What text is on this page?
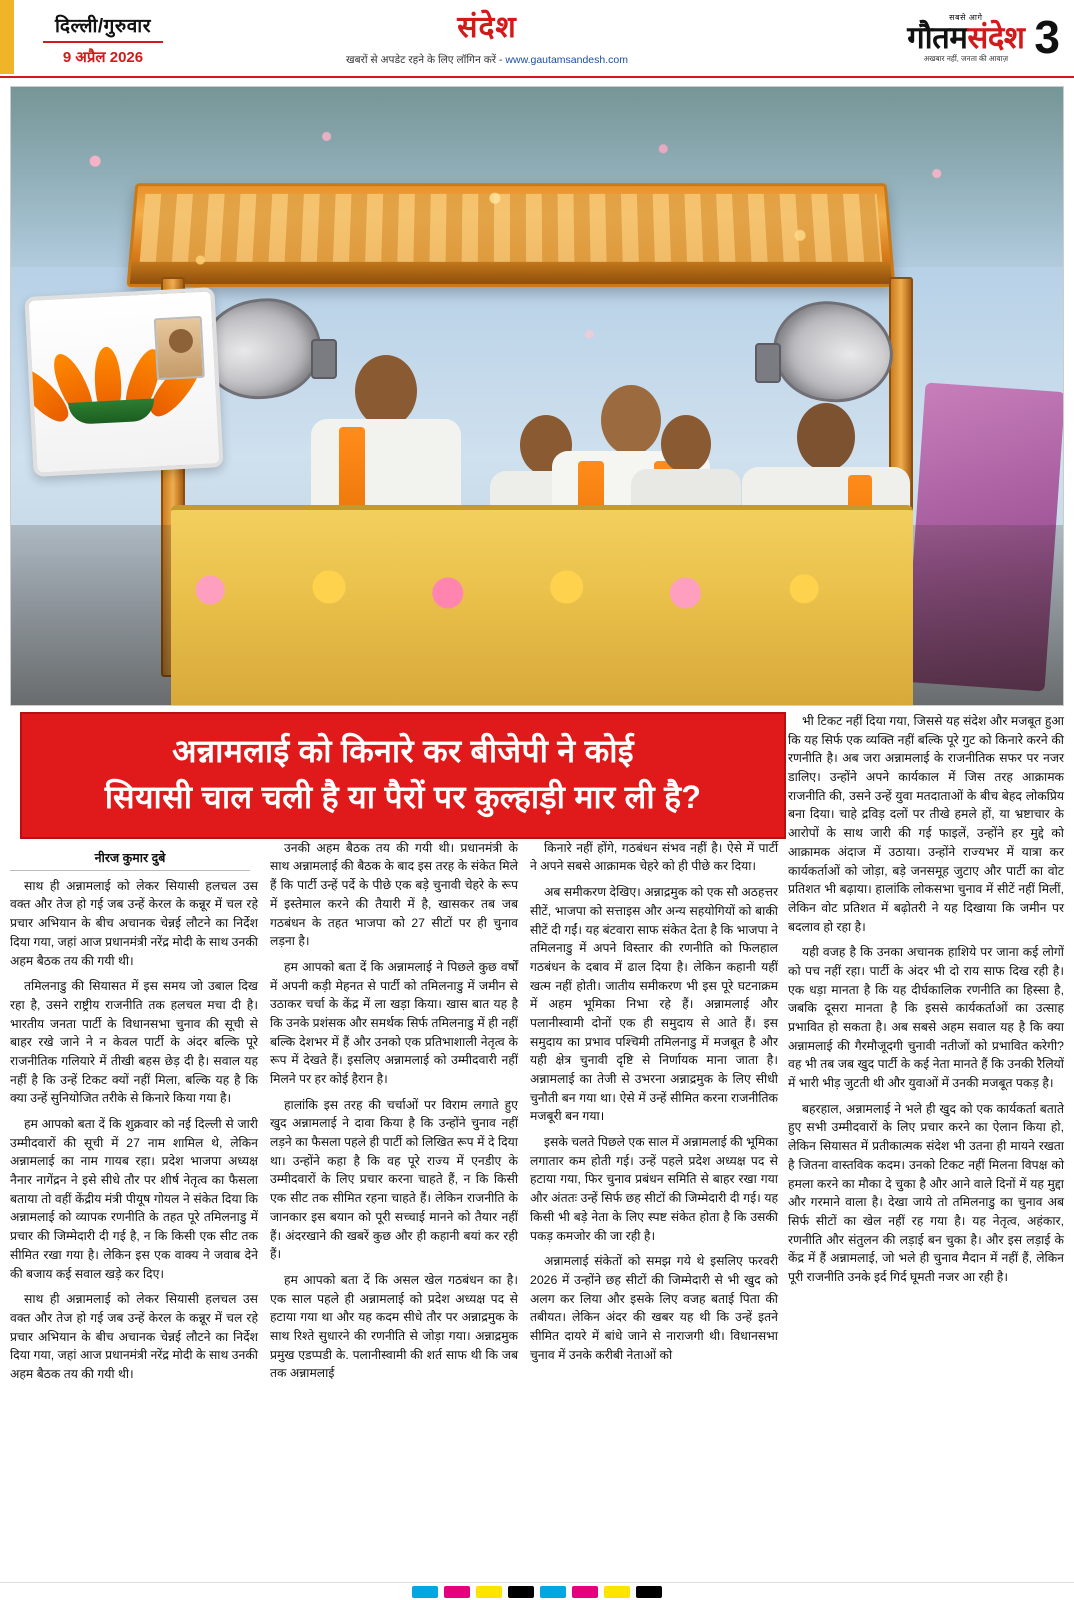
दिल्ली/गुरुवार
9 अप्रैल 2026
संदेश
खबरों से अपडेट रहने के लिए लॉगिन करें - www.gautamsandesh.com
सबसे आगे
गौतमसंदेश
अखबार नहीं, जनता की आवाज़ 3
अन्नामलाई को किनारे कर बीजेपी ने कोई
सियासी चाल चली है या पैरों पर कुल्हाड़ी मार ली है?
नीरज कुमार दुबे

साथ ही अन्नामलाई को लेकर सियासी हलचल उस वक्त और तेज हो गई जब उन्हें केरल के कन्नूर में चल रहे प्रचार अभियान के बीच अचानक चेन्नई लौटने का निर्देश दिया गया, जहां आज प्रधानमंत्री नरेंद्र मोदी के साथ उनकी अहम बैठक तय की गयी थी।

तमिलनाडु की सियासत में इस समय जो उबाल दिख रहा है, उसने राष्ट्रीय राजनीति तक हलचल मचा दी है। भारतीय जनता पार्टी के विधानसभा चुनाव की सूची से बाहर रखे जाने ने न केवल पार्टी के अंदर बल्कि पूरे राजनीतिक गलियारे में तीखी बहस छेड़ दी है। सवाल यह नहीं है कि उन्हें टिकट क्यों नहीं मिला, बल्कि यह है कि क्या उन्हें सुनियोजित तरीके से किनारे किया गया है।

हम आपको बता दें कि शुक्रवार को नई दिल्ली से जारी उम्मीदवारों की सूची में 27 नाम शामिल थे, लेकिन अन्नामलाई का नाम गायब रहा। प्रदेश भाजपा अध्यक्ष नैनार नागेंद्रन ने इसे सीधे तौर पर शीर्ष नेतृत्व का फैसला बताया तो वहीं केंद्रीय मंत्री पीयूष गोयल ने संकेत दिया कि अन्नामलाई को व्यापक रणनीति के तहत पूरे तमिलनाडु में प्रचार की जिम्मेदारी दी गई है, न कि किसी एक सीट तक सीमित रखा गया है। लेकिन इस एक वाक्य ने जवाब देने की बजाय कई सवाल खड़े कर दिए।

साथ ही अन्नामलाई को लेकर सियासी हलचल उस वक्त और तेज हो गई जब उन्हें केरल के कन्नूर में चल रहे प्रचार अभियान के बीच अचानक चेन्नई लौटने का निर्देश दिया गया, जहां आज प्रधानमंत्री नरेंद्र मोदी के साथ उनकी अहम बैठक तय की गयी थी।

उनकी अहम बैठक तय की गयी थी। प्रधानमंत्री के साथ अन्नामलाई की बैठक के बाद इस तरह के संकेत मिले हैं कि पार्टी उन्हें पर्दे के पीछे एक बड़े चुनावी चेहरे के रूप में इस्तेमाल करने की तैयारी में है, खासकर तब जब गठबंधन के तहत भाजपा को 27 सीटों पर ही चुनाव लड़ना है।

हम आपको बता दें कि अन्नामलाई ने पिछले कुछ वर्षों में अपनी कड़ी मेहनत से पार्टी को तमिलनाडु में जमीन से उठाकर चर्चा के केंद्र में ला खड़ा किया। खास बात यह है कि उनके प्रशंसक और समर्थक सिर्फ तमिलनाडु में ही नहीं बल्कि देशभर में हैं और उनको एक प्रतिभाशाली नेतृत्व के रूप में देखते हैं। इसलिए अन्नामलाई को उम्मीदवारी नहीं मिलने पर हर कोई हैरान है।

हालांकि इस तरह की चर्चाओं पर विराम लगाते हुए खुद अन्नामलाई ने दावा किया है कि उन्होंने चुनाव नहीं लड़ने का फैसला पहले ही पार्टी को लिखित रूप में दे दिया था। उन्होंने कहा है कि वह पूरे राज्य में एनडीए के उम्मीदवारों के लिए प्रचार करना चाहते हैं, न कि किसी एक सीट तक सीमित रहना चाहते हैं। लेकिन राजनीति के जानकार इस बयान को पूरी सच्चाई मानने को तैयार नहीं हैं। अंदरखाने की खबरें कुछ और ही कहानी बयां कर रही हैं।

हम आपको बता दें कि असल खेल गठबंधन का है। एक साल पहले ही अन्नामलाई को प्रदेश अध्यक्ष पद से हटाया गया था और यह कदम सीधे तौर पर अन्नाद्रमुक के साथ रिश्ते सुधारने की रणनीति से जोड़ा गया। अन्नाद्रमुक प्रमुख एडप्पडी के. पलानीस्वामी की शर्त साफ थी कि जब तक अन्नामलाई

किनारे नहीं होंगे, गठबंधन संभव नहीं है। ऐसे में पार्टी ने अपने सबसे आक्रामक चेहरे को ही पीछे कर दिया।

अब समीकरण देखिए। अन्नाद्रमुक को एक सौ अठहत्तर सीटें, भाजपा को सत्ताइस और अन्य सहयोगियों को बाकी सीटें दी गईं। यह बंटवारा साफ संकेत देता है कि भाजपा ने तमिलनाडु में अपने विस्तार की रणनीति को फिलहाल गठबंधन के दबाव में ढाल दिया है। लेकिन कहानी यहीं खत्म नहीं होती। जातीय समीकरण भी इस पूरे घटनाक्रम में अहम भूमिका निभा रहे हैं। अन्नामलाई और पलानीस्वामी दोनों एक ही समुदाय से आते हैं। इस समुदाय का प्रभाव पश्चिमी तमिलनाडु में मजबूत है और यही क्षेत्र चुनावी दृष्टि से निर्णायक माना जाता है। अन्नामलाई का तेजी से उभरना अन्नाद्रमुक के लिए सीधी चुनौती बन गया था। ऐसे में उन्हें सीमित करना राजनीतिक मजबूरी बन गया।

इसके चलते पिछले एक साल में अन्नामलाई की भूमिका लगातार कम होती गई। उन्हें पहले प्रदेश अध्यक्ष पद से हटाया गया, फिर चुनाव प्रबंधन समिति से बाहर रखा गया और अंततः उन्हें सिर्फ छह सीटों की जिम्मेदारी दी गई। यह किसी भी बड़े नेता के लिए स्पष्ट संकेत होता है कि उसकी पकड़ कमजोर की जा रही है।

अन्नामलाई संकेतों को समझ गये थे इसलिए फरवरी 2026 में उन्होंने छह सीटों की जिम्मेदारी से भी खुद को अलग कर लिया और इसके लिए वजह बताई पिता की तबीयत। लेकिन अंदर की खबर यह थी कि उन्हें इतने सीमित दायरे में बांधे जाने से नाराजगी थी। विधानसभा चुनाव में उनके करीबी नेताओं को

भी टिकट नहीं दिया गया, जिससे यह संदेश और मजबूत हुआ कि यह सिर्फ एक व्यक्ति नहीं बल्कि पूरे गुट को किनारे करने की रणनीति है। अब जरा अन्नामलाई के राजनीतिक सफर पर नजर डालिए। उन्होंने अपने कार्यकाल में जिस तरह आक्रामक राजनीति की, उसने उन्हें युवा मतदाताओं के बीच बेहद लोकप्रिय बना दिया। चाहे द्रविड़ दलों पर तीखे हमले हों, या भ्रष्टाचार के आरोपों के साथ जारी की गई फाइलें, उन्होंने हर मुद्दे को आक्रामक अंदाज में उठाया। उन्होंने राज्यभर में यात्रा कर कार्यकर्ताओं को जोड़ा, बड़े जनसमूह जुटाए और पार्टी का वोट प्रतिशत भी बढ़ाया। हालांकि लोकसभा चुनाव में सीटें नहीं मिलीं, लेकिन वोट प्रतिशत में बढ़ोतरी ने यह दिखाया कि जमीन पर बदलाव हो रहा है।

यही वजह है कि उनका अचानक हाशिये पर जाना कई लोगों को पच नहीं रहा। पार्टी के अंदर भी दो राय साफ दिख रही है। एक धड़ा मानता है कि यह दीर्घकालिक रणनीति का हिस्सा है, जबकि दूसरा मानता है कि इससे कार्यकर्ताओं का उत्साह प्रभावित हो सकता है। अब सबसे अहम सवाल यह है कि क्या अन्नामलाई की गैरमौजूदगी चुनावी नतीजों को प्रभावित करेगी? वह भी तब जब खुद पार्टी के कई नेता मानते हैं कि उनकी रैलियों में भारी भीड़ जुटती थी और युवाओं में उनकी मजबूत पकड़ है।

बहरहाल, अन्नामलाई ने भले ही खुद को एक कार्यकर्ता बताते हुए सभी उम्मीदवारों के लिए प्रचार करने का ऐलान किया हो, लेकिन सियासत में प्रतीकात्मक संदेश भी उतना ही मायने रखता है जितना वास्तविक कदम। उनको टिकट नहीं मिलना विपक्ष को हमला करने का मौका दे चुका है और आने वाले दिनों में यह मुद्दा और गरमाने वाला है। देखा जाये तो तमिलनाडु का चुनाव अब सिर्फ सीटों का खेल नहीं रह गया है। यह नेतृत्व, अहंकार, रणनीति और संतुलन की लड़ाई बन चुका है। और इस लड़ाई के केंद्र में हैं अन्नामलाई, जो भले ही चुनाव मैदान में नहीं हैं, लेकिन पूरी राजनीति उनके इर्द गिर्द घूमती नजर आ रही है।
